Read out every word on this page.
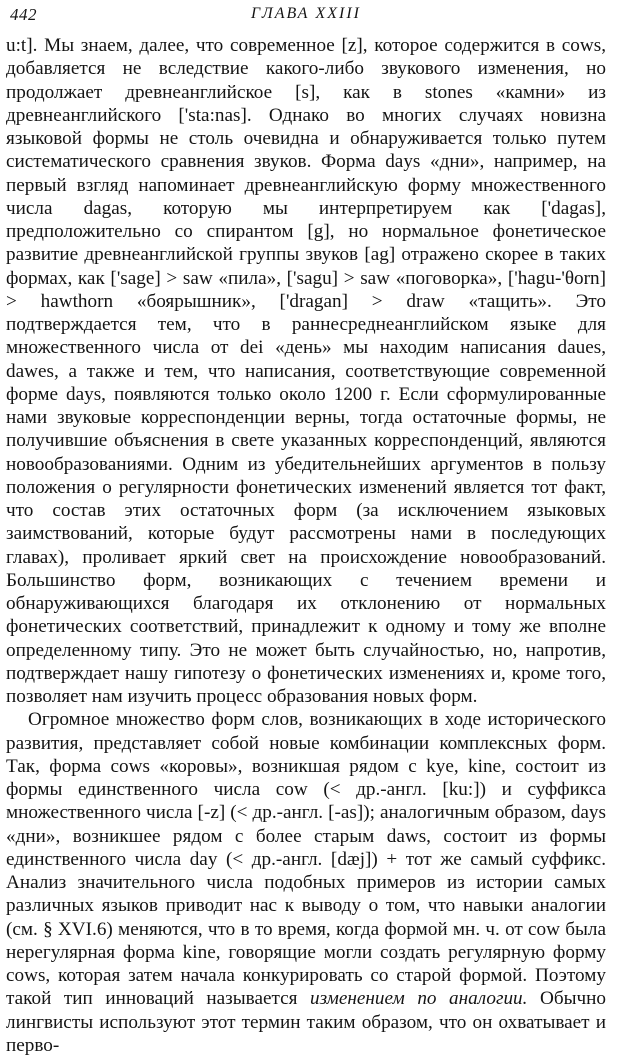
442	ГЛАВА XXIII

u:t]. Мы знаем, далее, что современное [z], которое содержится в cows, добавляется не вследствие какого-либо звукового изменения, но продолжает древнеанглийское [s], как в stones «камни» из древнеанглийского ['sta:nas]. Однако во многих случаях новизна языковой формы не столь очевидна и обнаруживается только путем систематического сравнения звуков. Форма days «дни», например, на первый взгляд напоминает древнеанглийскую форму множественного числа dagas, которую мы интерпретируем как ['dagas], предположительно со спирантом [g], но нормальное фонетическое развитие древнеанглийской группы звуков [ag] отражено скорее в таких формах, как ['sage] > saw «пила», ['sagu] > saw «поговорка», ['hagu-'θorn] > hawthorn «боярышник», ['dragan] > draw «тащить». Это подтверждается тем, что в раннесреднеанглийском языке для множественного числа от dei «день» мы находим написания daues, dawes, а также и тем, что написания, соответствующие современной форме days, появляются только около 1200 г. Если сформулированные нами звуковые корреспонденции верны, тогда остаточные формы, не получившие объяснения в свете указанных корреспонденций, являются новообразованиями. Одним из убедительнейших аргументов в пользу положения о регулярности фонетических изменений является тот факт, что состав этих остаточных форм (за исключением языковых заимствований, которые будут рассмотрены нами в последующих главах), проливает яркий свет на происхождение новообразований. Большинство форм, возникающих с течением времени и обнаруживающихся благодаря их отклонению от нормальных фонетических соответствий, принадлежит к одному и тому же вполне определенному типу. Это не может быть случайностью, но, напротив, подтверждает нашу гипотезу о фонетических изменениях и, кроме того, позволяет нам изучить процесс образования новых форм.

Огромное множество форм слов, возникающих в ходе исторического развития, представляет собой новые комбинации комплексных форм. Так, форма cows «коровы», возникшая рядом с kye, kine, состоит из формы единственного числа cow (< др.-англ. [ku:]) и суффикса множественного числа [-z] (< др.-англ. [-as]); аналогичным образом, days «дни», возникшее рядом с более старым daws, состоит из формы единственного числа day (< др.-англ. [dæj]) + тот же самый суффикс. Анализ значительного числа подобных примеров из истории самых различных языков приводит нас к выводу о том, что навыки аналогии (см. § XVI.6) меняются, что в то время, когда формой мн. ч. от cow была нерегулярная форма kine, говорящие могли создать регулярную форму cows, которая затем начала конкурировать со старой формой. Поэтому такой тип инноваций называется изменением по аналогии. Обычно лингвисты используют этот термин таким образом, что он охватывает и перво-
